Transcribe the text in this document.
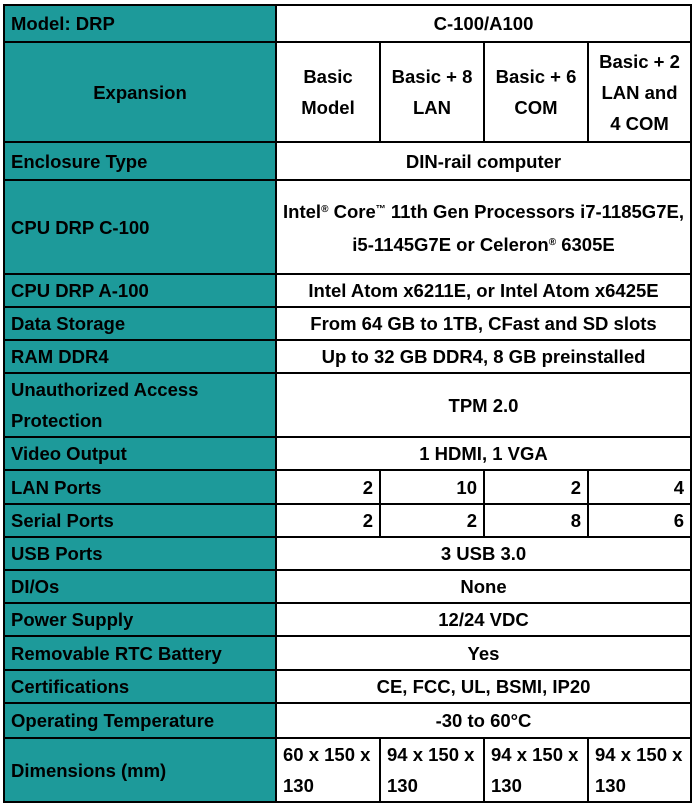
Model: DRP	C-100/A100			
Expansion	Basic Model	Basic + 8 LAN	Basic + 6 COM	Basic + 2 LAN and 4 COM
Enclosure Type	DIN-rail computer			
CPU DRP C-100	Intel® Core™ 11th Gen Processors i7-1185G7E, i5-1145G7E or Celeron® 6305E			
CPU DRP A-100	Intel Atom x6211E, or Intel Atom x6425E			
Data Storage	From 64 GB to 1TB, CFast and SD slots			
RAM DDR4	Up to 32 GB DDR4, 8 GB preinstalled			
Unauthorized Access Protection	TPM 2.0			
Video Output	1 HDMI, 1 VGA			
LAN Ports	2	10	2	4
Serial Ports	2	2	8	6
USB Ports	3 USB 3.0			
DI/Os	None			
Power Supply	12/24 VDC			
Removable RTC Battery	Yes			
Certifications	CE, FCC, UL, BSMI, IP20			
Operating Temperature	-30 to 60°C			
Dimensions (mm)	60 x 150 x 130	94 x 150 x 130	94 x 150 x 130	94 x 150 x 130
